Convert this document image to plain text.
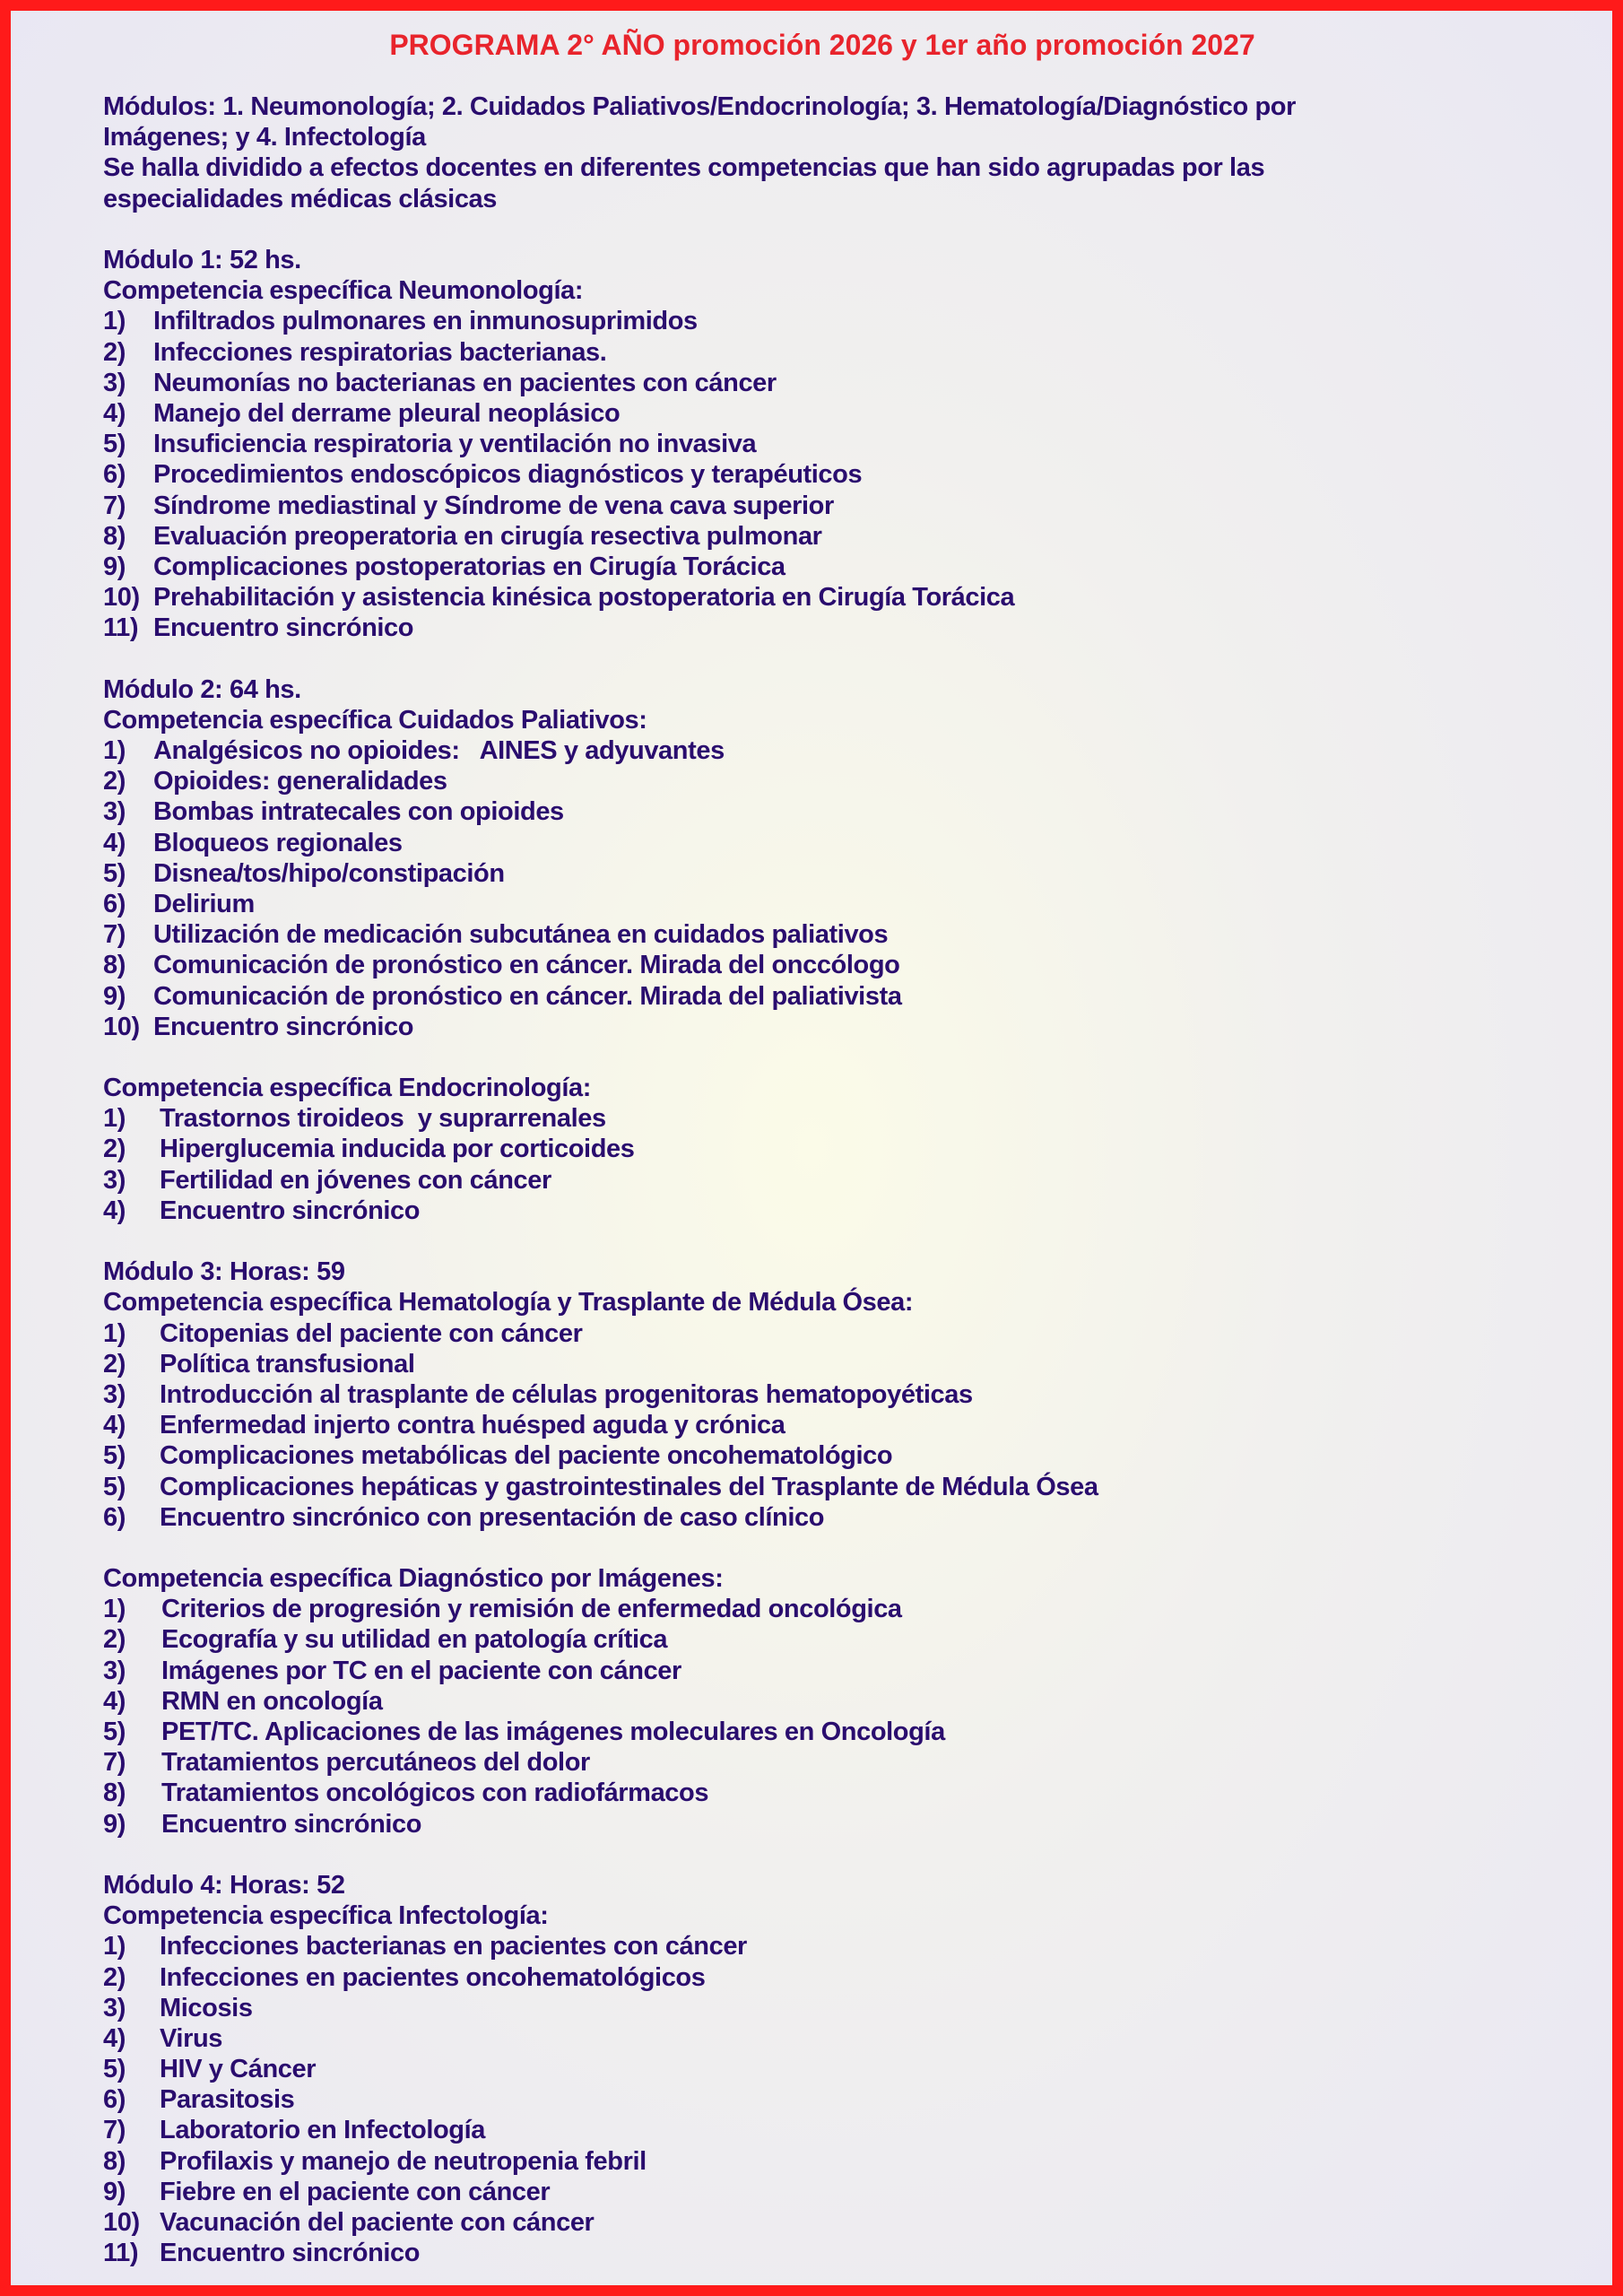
PROGRAMA 2° AÑO promoción 2026 y 1er año promoción 2027
Módulos: 1. Neumonología; 2. Cuidados Paliativos/Endocrinología; 3. Hematología/Diagnóstico por Imágenes; y 4. Infectología
Se halla dividido a efectos docentes en diferentes competencias que han sido agrupadas por las especialidades médicas clásicas
Módulo 1: 52 hs.
Competencia específica Neumonología:
1) Infiltrados pulmonares en inmunosuprimidos
2) Infecciones respiratorias bacterianas.
3) Neumonías no bacterianas en pacientes con cáncer
4) Manejo del derrame pleural neoplásico
5) Insuficiencia respiratoria y ventilación no invasiva
6) Procedimientos endoscópicos diagnósticos y terapéuticos
7) Síndrome mediastinal y Síndrome de vena cava superior
8) Evaluación preoperatoria en cirugía resectiva pulmonar
9) Complicaciones postoperatorias en Cirugía Torácica
10) Prehabilitación y asistencia kinésica postoperatoria en Cirugía Torácica
11) Encuentro sincrónico
Módulo 2: 64 hs.
Competencia específica Cuidados Paliativos:
1) Analgésicos no opioides:   AINES y adyuvantes
2) Opioides: generalidades
3) Bombas intratecales con opioides
4) Bloqueos regionales
5) Disnea/tos/hipo/constipación
6) Delirium
7) Utilización de medicación subcutánea en cuidados paliativos
8) Comunicación de pronóstico en cáncer. Mirada del onccólogo
9) Comunicación de pronóstico en cáncer. Mirada del paliativista
10) Encuentro sincrónico
Competencia específica Endocrinología:
1) Trastornos tiroideos  y suprarrenales
2) Hiperglucemia inducida por corticoides
3) Fertilidad en jóvenes con cáncer
4) Encuentro sincrónico
Módulo 3: Horas: 59
Competencia específica Hematología y Trasplante de Médula Ósea:
1) Citopenias del paciente con cáncer
2) Política transfusional
3) Introducción al trasplante de células progenitoras hematopoyéticas
4) Enfermedad injerto contra huésped aguda y crónica
5) Complicaciones metabólicas del paciente oncohematológico
5) Complicaciones hepáticas y gastrointestinales del Trasplante de Médula Ósea
6) Encuentro sincrónico con presentación de caso clínico
Competencia específica Diagnóstico por Imágenes:
1) Criterios de progresión y remisión de enfermedad oncológica
2) Ecografía y su utilidad en patología crítica
3) Imágenes por TC en el paciente con cáncer
4) RMN en oncología
5) PET/TC. Aplicaciones de las imágenes moleculares en Oncología
7) Tratamientos percutáneos del dolor
8) Tratamientos oncológicos con radiofármacos
9) Encuentro sincrónico
Módulo 4: Horas: 52
Competencia específica Infectología:
1) Infecciones bacterianas en pacientes con cáncer
2) Infecciones en pacientes oncohematológicos
3) Micosis
4) Virus
5) HIV y Cáncer
6) Parasitosis
7) Laboratorio en Infectología
8) Profilaxis y manejo de neutropenia febril
9) Fiebre en el paciente con cáncer
10) Vacunación del paciente con cáncer
11) Encuentro sincrónico
